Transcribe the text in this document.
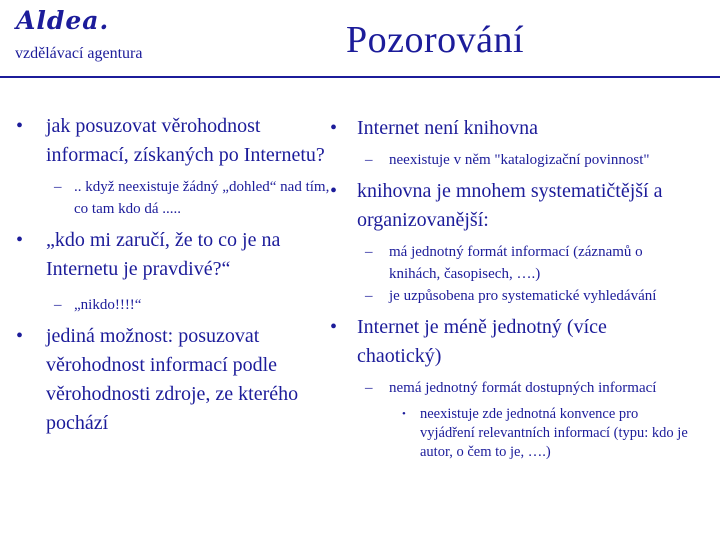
Aldea.
vzdělávací agentura	Pozorování
• jak posuzovat věrohodnost informací, získaných po Internetu?
– .. když neexistuje žádný „dohled“ nad tím, co tam kdo dá .....
• „kdo mi zaručí, že to co je na Internetu je pravdivé?“
– „nikdo!!!!“
• jediná možnost: posuzovat věrohodnost informací podle věrohodnosti zdroje, ze kterého pochází
• Internet není knihovna
– neexistuje v něm "katalogizační povinnost"
• knihovna je mnohem systematičtější a organizovanější:
– má jednotný formát informací (záznamů o knihách, časopisech, ….)
– je uzpůsobena pro systematické vyhledávání
• Internet je méně jednotný (více chaotický)
– nemá jednotný formát dostupných informací
• neexistuje zde jednotná konvence pro vyjádření relevantních informací (typu: kdo je autor, o čem to je, ….)
